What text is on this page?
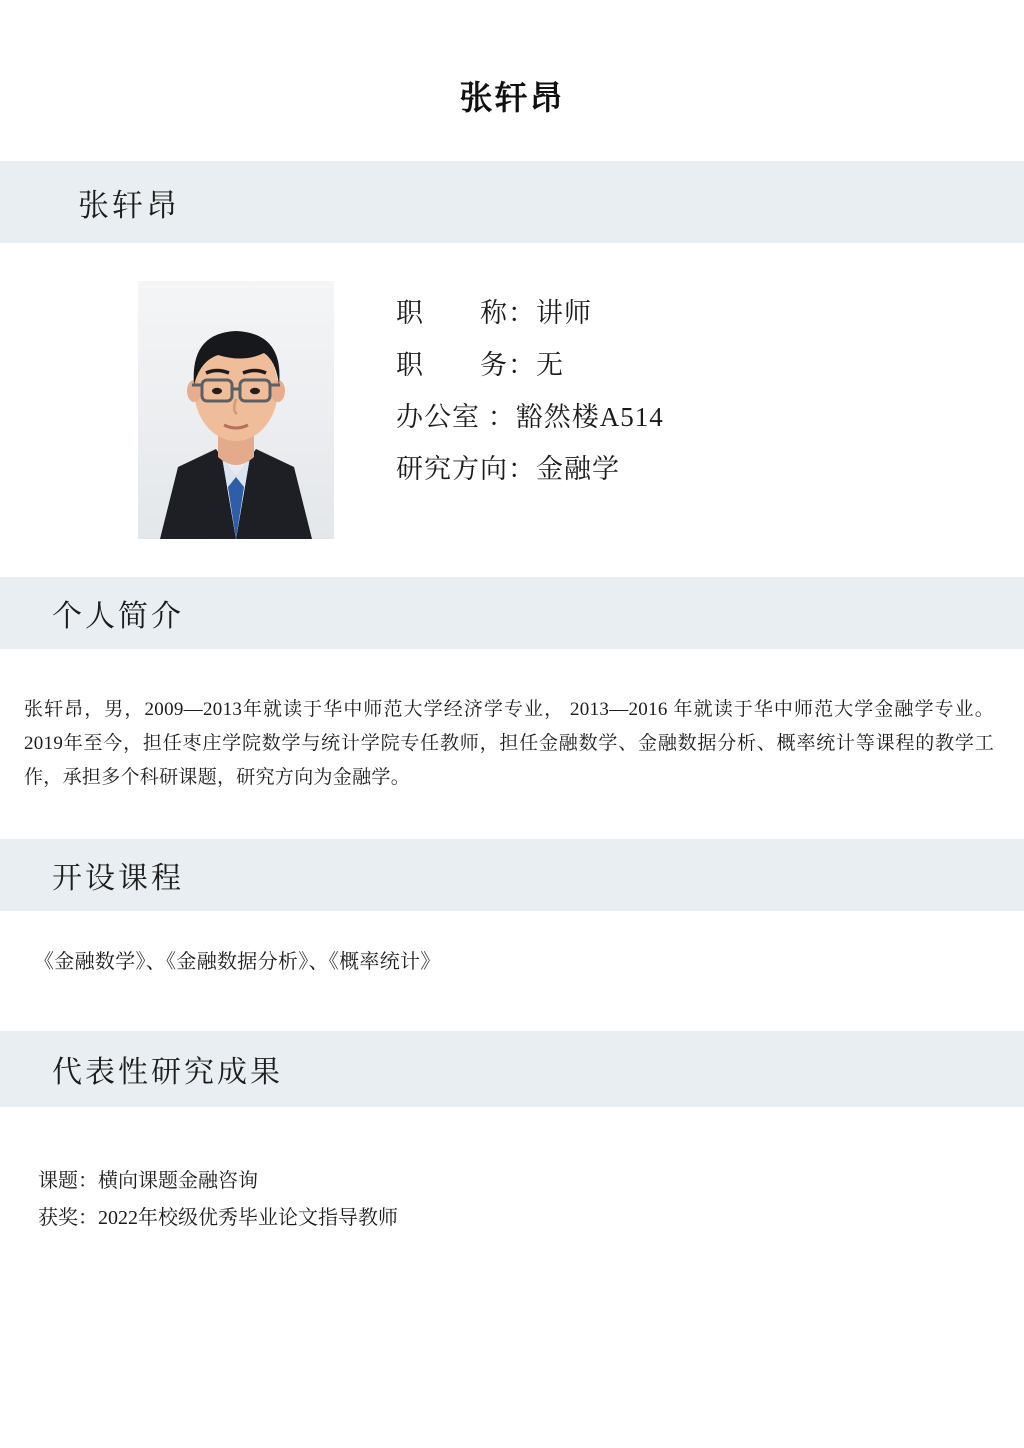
张轩昂
张轩昂
职　　称：讲师
职　　务：无
办公室 ：豁然楼A514
研究方向：金融学
个人简介
张轩昂，男，2009—2013年就读于华中师范大学经济学专业， 2013—2016 年就读于华中师范大学金融学专业。2019年至今，担任枣庄学院数学与统计学院专任教师，担任金融数学、金融数据分析、概率统计等课程的教学工作，承担多个科研课题，研究方向为金融学。
开设课程
《金融数学》、《金融数据分析》、《概率统计》
代表性研究成果
课题：横向课题金融咨询
获奖：2022年校级优秀毕业论文指导教师
